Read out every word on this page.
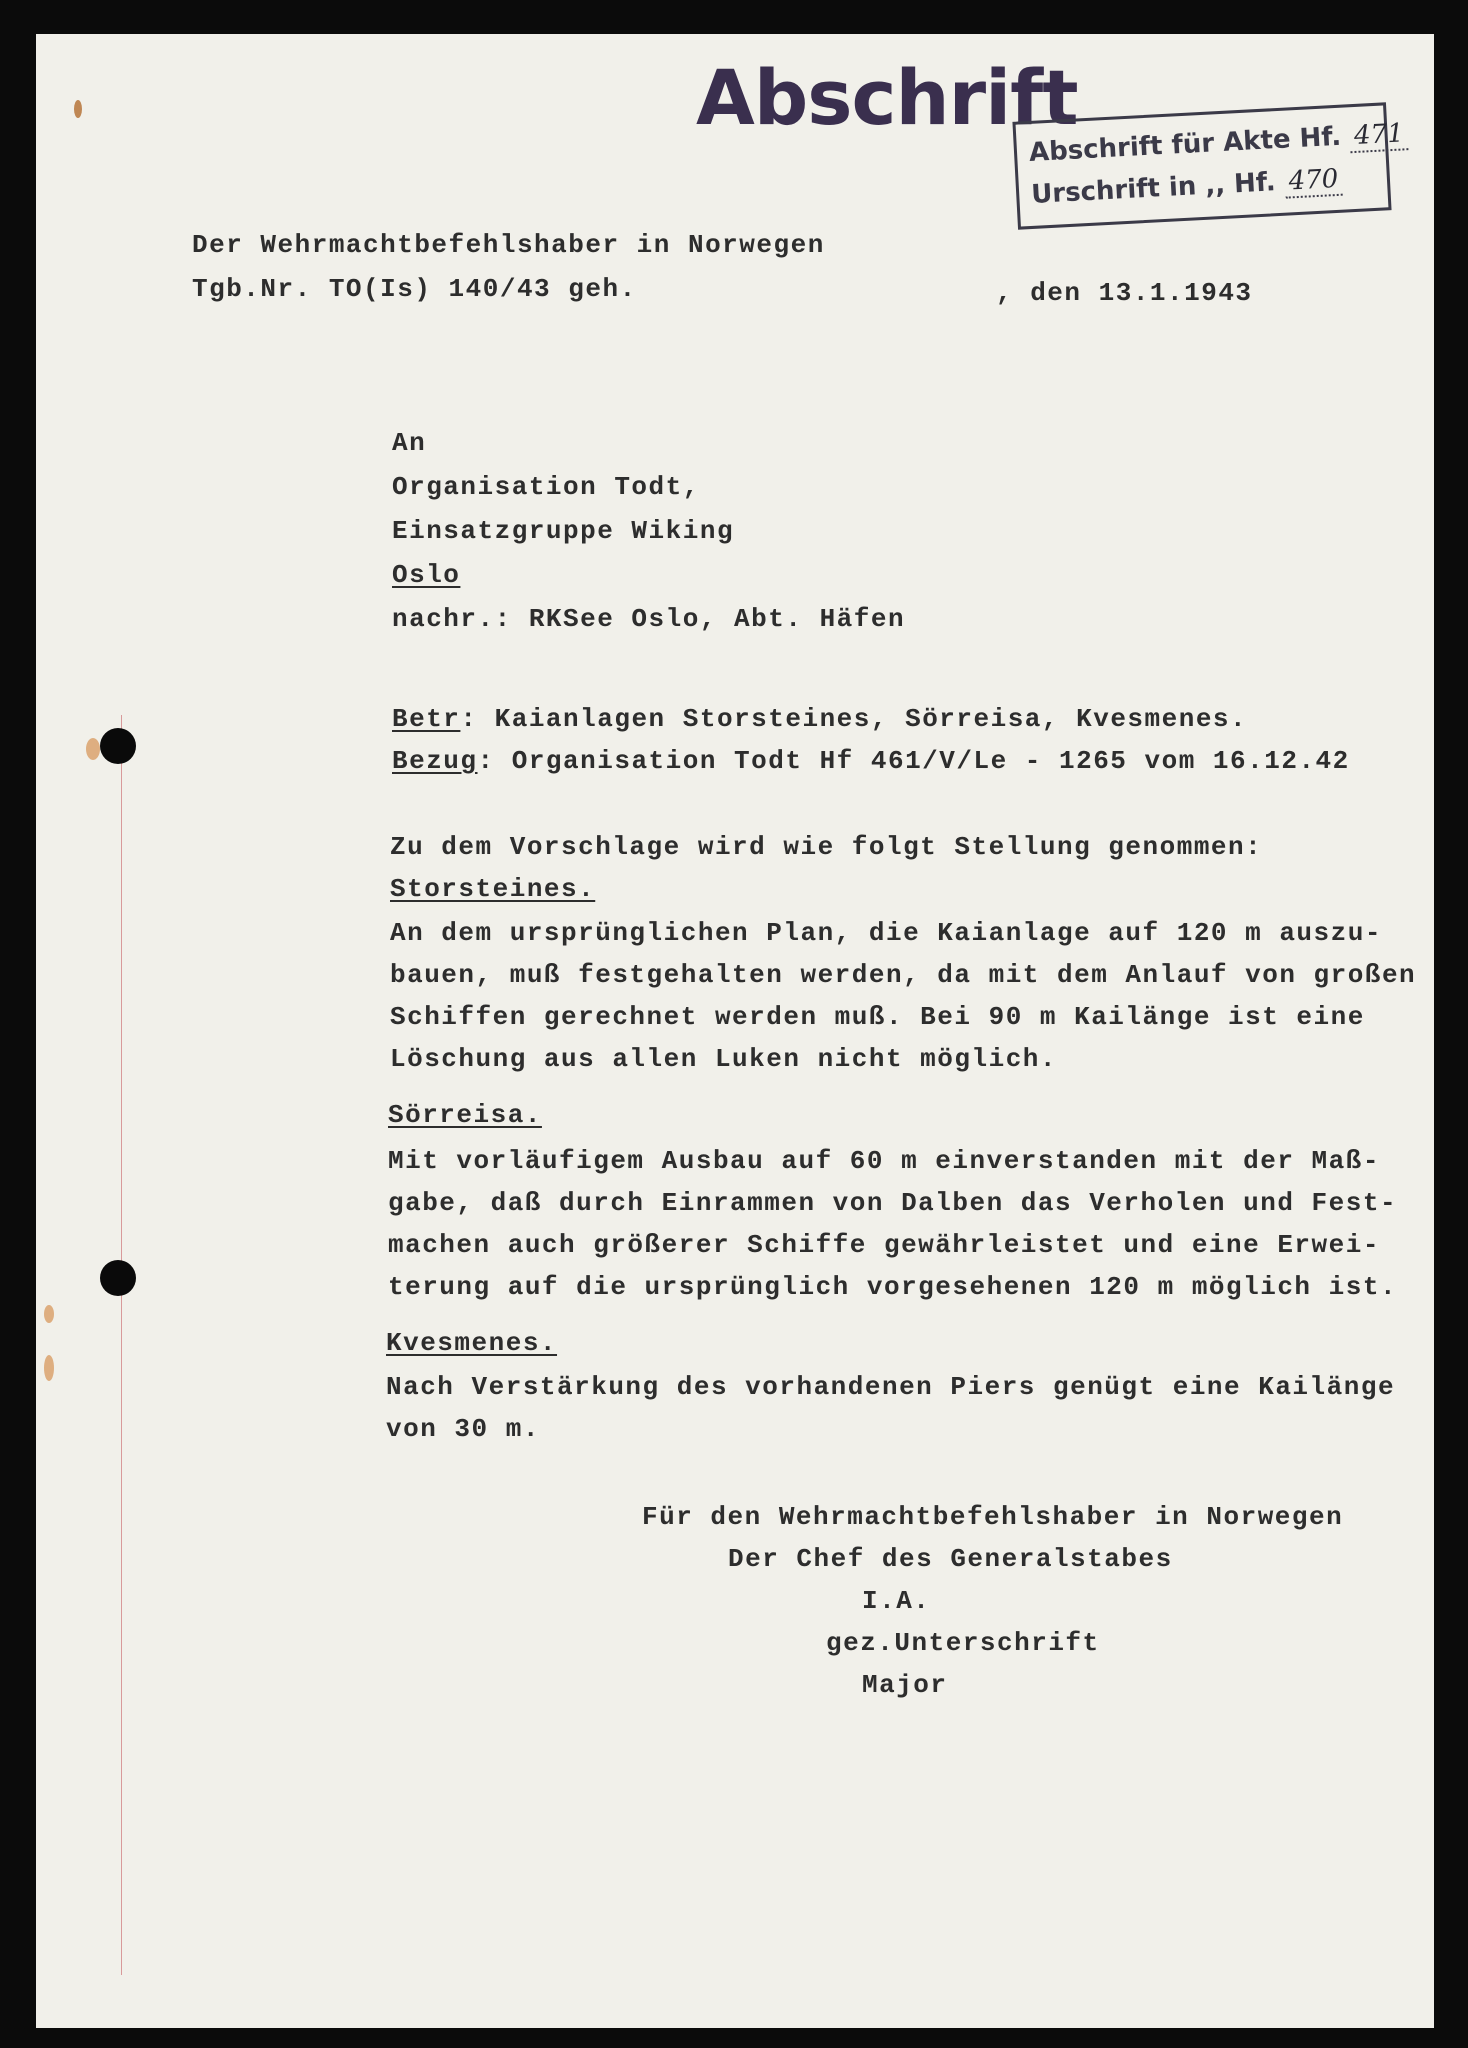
Abschrift
Abschrift für Akte Hf. 471
Urschrift in ,, Hf. 470
Der Wehrmachtbefehlshaber in Norwegen
Tgb.Nr. TO(Is) 140/43 geh.	, den 13.1.1943
An
Organisation Todt,
Einsatzgruppe Wiking
Oslo
nachr.: RKSee Oslo, Abt. Häfen
Betr: Kaianlagen Storsteines, Sörreisa, Kvesmenes.
Bezug: Organisation Todt Hf 461/V/Le - 1265 vom 16.12.42
Zu dem Vorschlage wird wie folgt Stellung genommen:
Storsteines.
An dem ursprünglichen Plan, die Kaianlage auf 120 m auszu-
bauen, muß festgehalten werden, da mit dem Anlauf von großen
Schiffen gerechnet werden muß. Bei 90 m Kailänge ist eine
Löschung aus allen Luken nicht möglich.
Sörreisa.
Mit vorläufigem Ausbau auf 60 m einverstanden mit der Maß-
gabe, daß durch Einrammen von Dalben das Verholen und Fest-
machen auch größerer Schiffe gewährleistet und eine Erwei-
terung auf die ursprünglich vorgesehenen 120 m möglich ist.
Kvesmenes.
Nach Verstärkung des vorhandenen Piers genügt eine Kailänge
von 30 m.
Für den Wehrmachtbefehlshaber in Norwegen
Der Chef des Generalstabes
I.A.
gez.Unterschrift
Major
